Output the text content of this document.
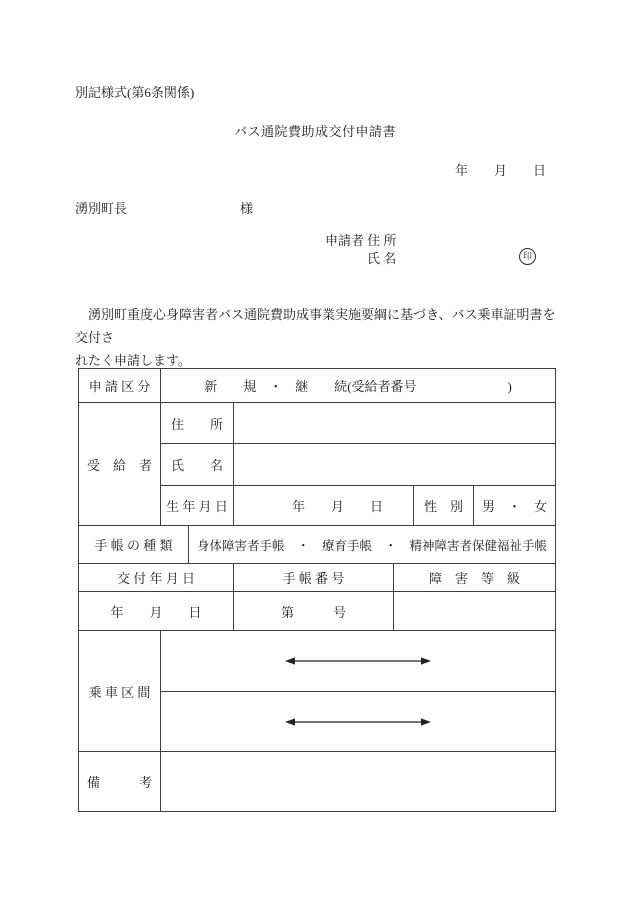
別記様式(第6条関係)
バス通院費助成交付申請書
年　　月　　日
湧別町長	様
申請者 住 所
氏 名	印
　湧別町重度心身障害者バス通院費助成事業実施要綱に基づき、バス乗車証明書を交付さ
れたく申請します。
申 請 区 分	新　　規　・　継　　続(受給者番号　　　　　　　)					
受　給　者	住　　所					
	氏　　名					
	生 年 月 日		年　　月　　日		性　別	男　・　女
手 帳 の 種 類		身体障害者手帳　・　療育手帳　・　精神障害者保健福祉手帳				
交 付 年 月 日			手 帳 番 号	障　害　等　級		
年　　月　　日			第　　　号			
乗 車 区 間	

備　　　考						
